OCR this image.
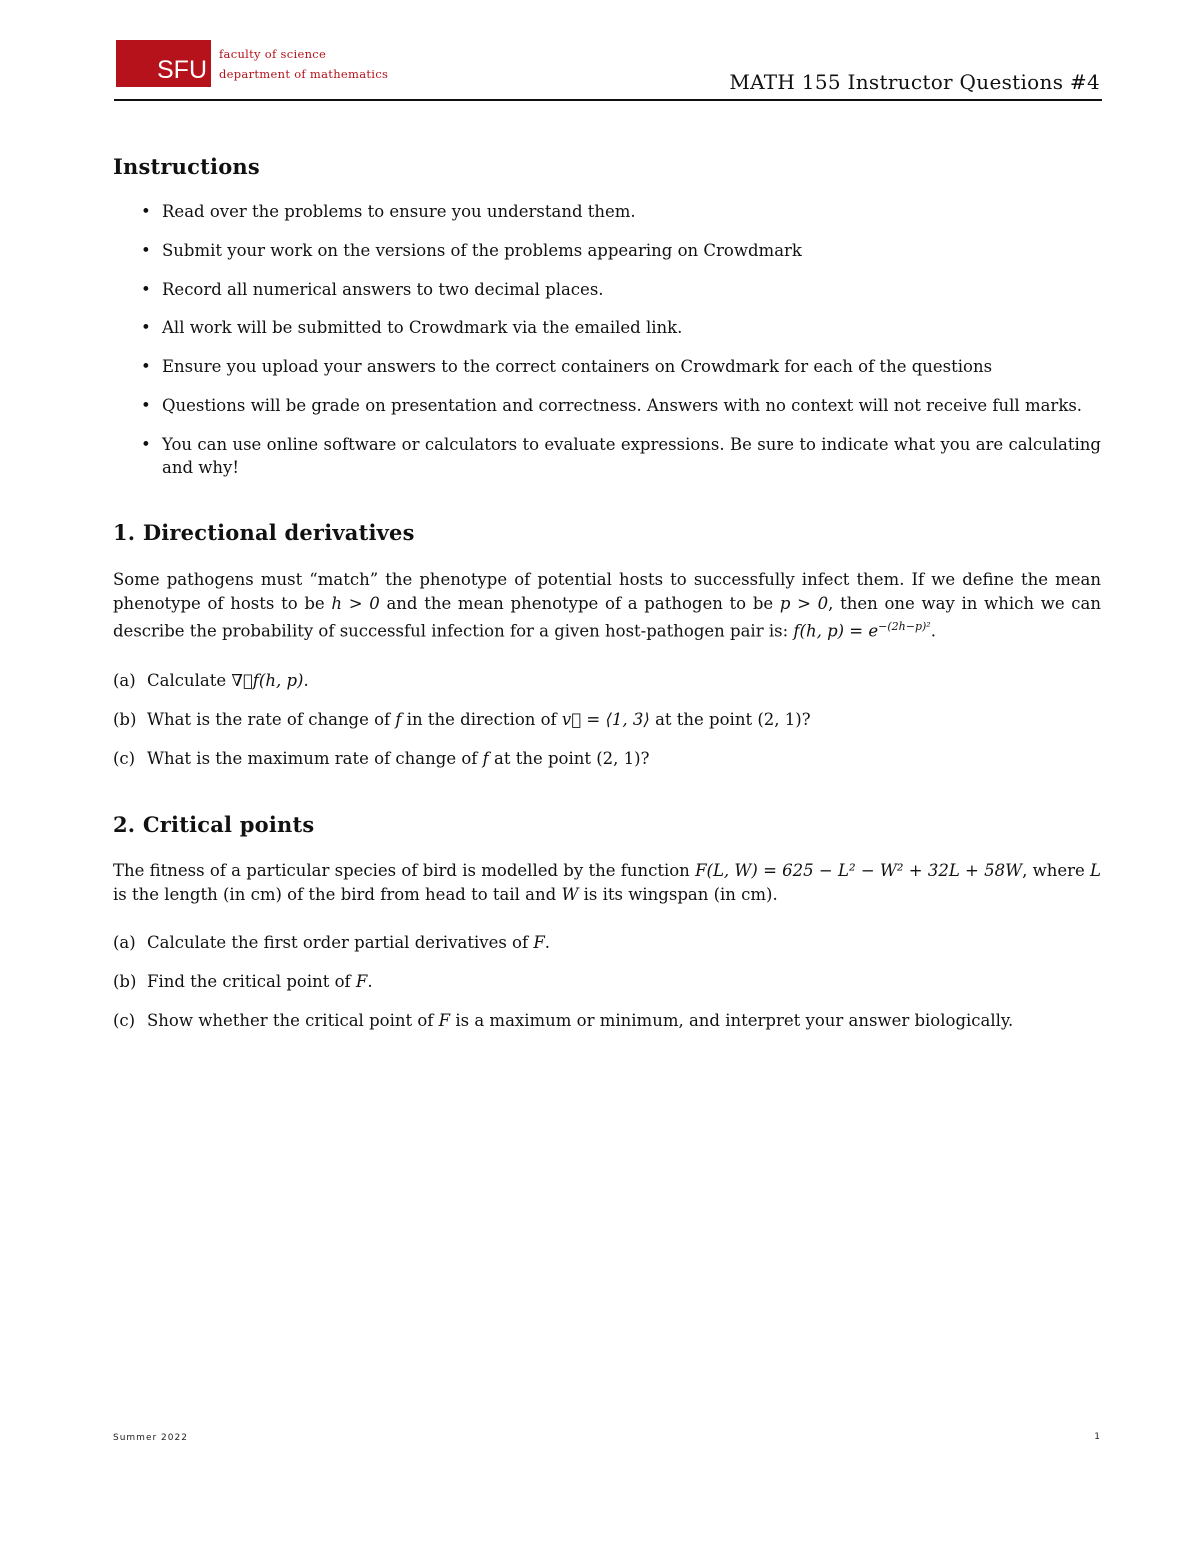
SFU
faculty of science
department of mathematics	MATH 155 Instructor Questions #4
Instructions
• Read over the problems to ensure you understand them.
• Submit your work on the versions of the problems appearing on Crowdmark
• Record all numerical answers to two decimal places.
• All work will be submitted to Crowdmark via the emailed link.
• Ensure you upload your answers to the correct containers on Crowdmark for each of the questions
• Questions will be grade on presentation and correctness. Answers with no context will not receive full marks.
• You can use online software or calculators to evaluate expressions. Be sure to indicate what you are calculating and why!
1. Directional derivatives

Some pathogens must “match” the phenotype of potential hosts to successfully infect them. If we define the mean phenotype of hosts to be h > 0 and the mean phenotype of a pathogen to be p > 0, then one way in which we can describe the probability of successful infection for a given host-pathogen pair is: f(h, $p) = e^{-(2h-p)^2}$.

(a) Calculate ∇⃗f(h, p).
(b) What is the rate of change of f in the direction of v⃗ = ⟨1, 3⟩ at the point (2, 1)?
(c) What is the maximum rate of change of f at the point (2, 1)?
2. Critical points

The fitness of a particular species of bird is modelled by the function F(L, W) = 625 − L² − W² + 32L + 58W, where L is the length (in cm) of the bird from head to tail and W is its wingspan (in cm).

(a) Calculate the first order partial derivatives of F.
(b) Find the critical point of F.
(c) Show whether the critical point of F is a maximum or minimum, and interpret your answer biologically.
Summer 2022	1
